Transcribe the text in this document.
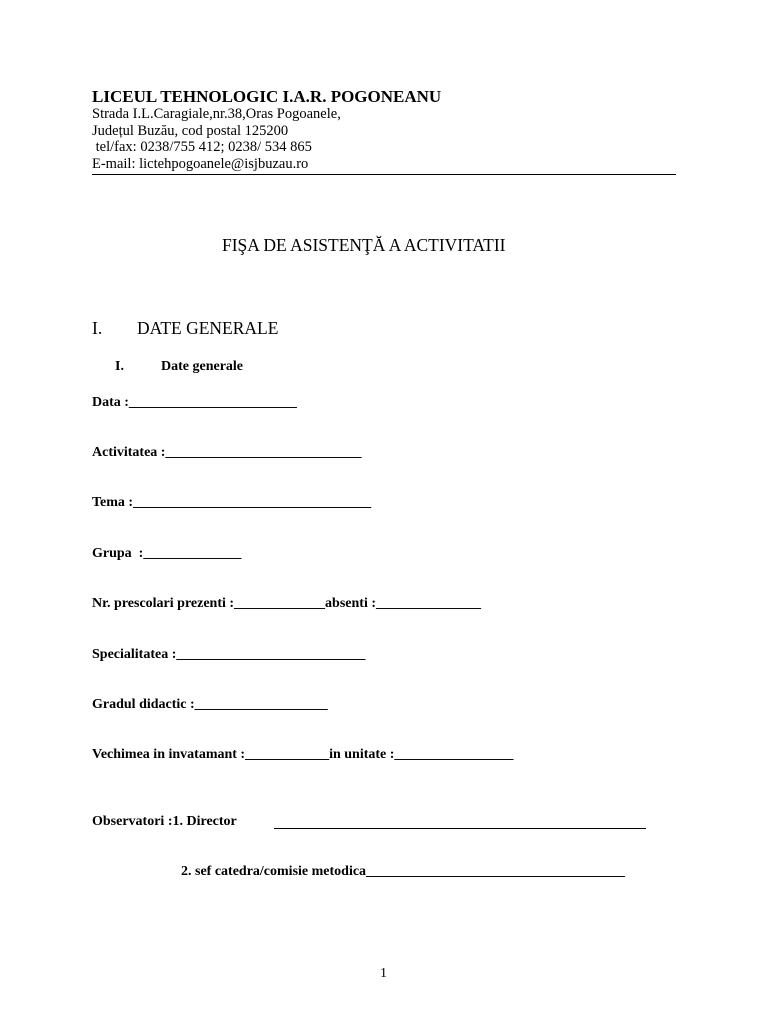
LICEUL TEHNOLOGIC I.A.R. POGONEANU
Strada I.L.Caragiale,nr.38,Oras Pogoanele,
Județul Buzău, cod postal 125200
tel/fax: 0238/755 412; 0238/ 534 865
E-mail: lictehpogoanele@isjbuzau.ro
FIŞA DE ASISTENŢĂ A ACTIVITATII
I. DATE GENERALE
I.	Date generale
Data :________________________
Activitatea :____________________________
Tema :__________________________________
Grupa  :______________
Nr. prescolari prezenti :_____________absenti :_______________
Specialitatea :___________________________
Gradul didactic :___________________
Vechimea in invatamant :____________in unitate :_________________
Observatori :1. Director
2. sef catedra/comisie metodica_____________________________________
1
